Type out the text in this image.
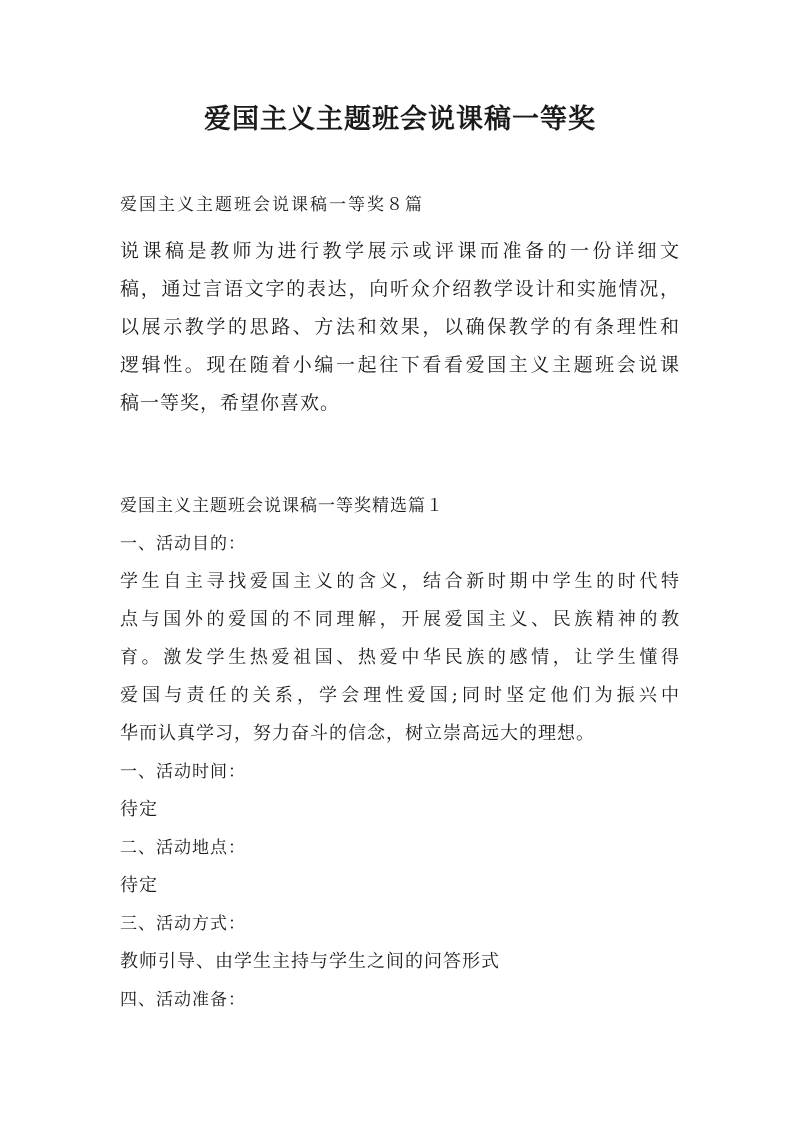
爱国主义主题班会说课稿一等奖
爱国主义主题班会说课稿一等奖８篇
说课稿是教师为进行教学展示或评课而准备的一份详细文
稿，通过言语文字的表达，向听众介绍教学设计和实施情况，
以展示教学的思路、方法和效果，以确保教学的有条理性和
逻辑性。现在随着小编一起往下看看爱国主义主题班会说课
稿一等奖，希望你喜欢。
爱国主义主题班会说课稿一等奖精选篇１
一、活动目的：
学生自主寻找爱国主义的含义，结合新时期中学生的时代特
点与国外的爱国的不同理解，开展爱国主义、民族精神的教
育。激发学生热爱祖国、热爱中华民族的感情，让学生懂得
爱国与责任的关系，学会理性爱国;同时坚定他们为振兴中
华而认真学习，努力奋斗的信念，树立崇高远大的理想。
一、活动时间：
待定
二、活动地点：
待定
三、活动方式：
教师引导、由学生主持与学生之间的问答形式
四、活动准备：
